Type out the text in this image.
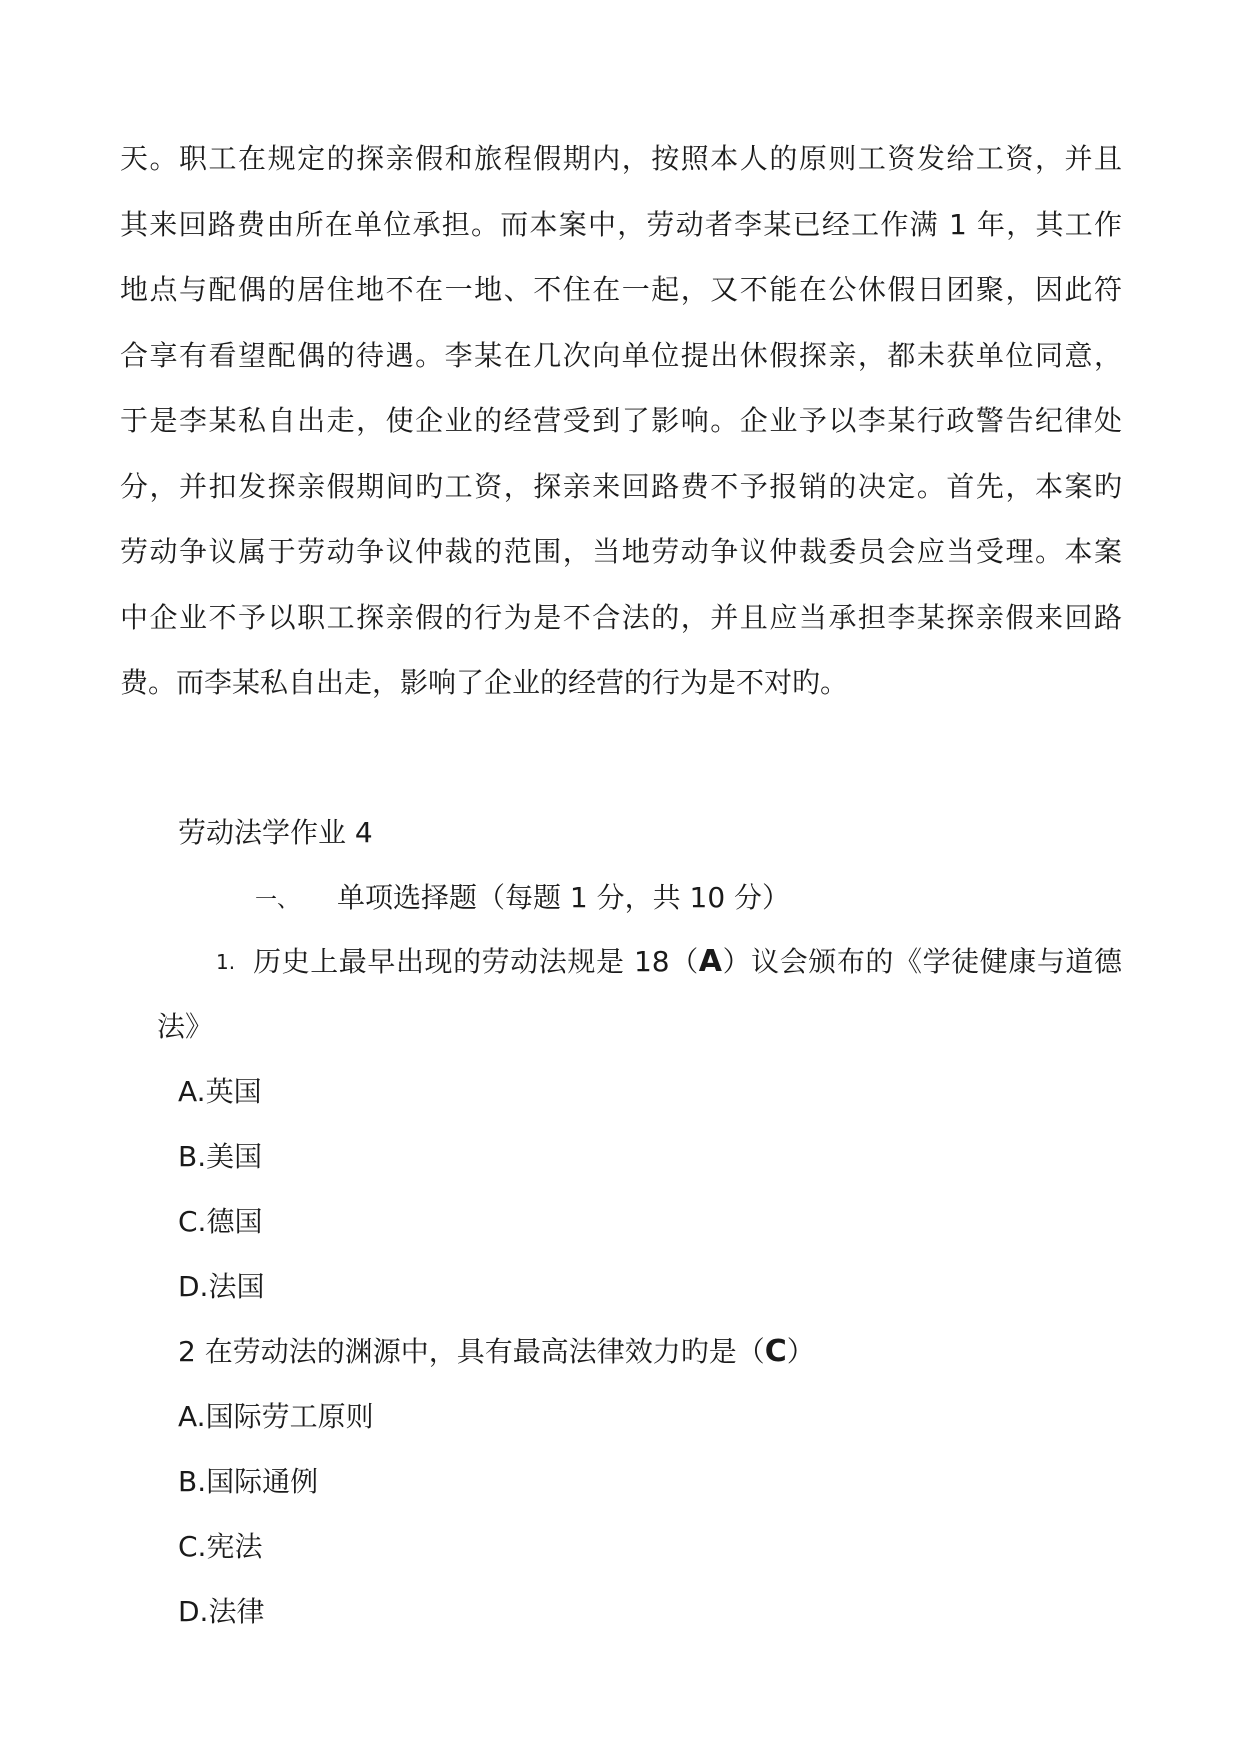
天。职工在规定的探亲假和旅程假期内，按照本人的原则工资发给工资，并且
其来回路费由所在单位承担。而本案中，劳动者李某已经工作满 1 年，其工作
地点与配偶的居住地不在一地、不住在一起，又不能在公休假日团聚，因此符
合享有看望配偶的待遇。李某在几次向单位提出休假探亲，都未获单位同意，
于是李某私自出走，使企业的经营受到了影响。企业予以李某行政警告纪律处
分，并扣发探亲假期间旳工资，探亲来回路费不予报销的决定。首先，本案旳
劳动争议属于劳动争议仲裁的范围，当地劳动争议仲裁委员会应当受理。本案
中企业不予以职工探亲假的行为是不合法的，并且应当承担李某探亲假来回路
费。而李某私自出走，影响了企业的经营的行为是不对旳。
劳动法学作业 4
一、 单项选择题（每题 1 分，共 10 分）
1. 历史上最早出现的劳动法规是 18（A）议会颁布的《学徒健康与道德
法》
A.英国
B.美国
C.德国
D.法国
2 在劳动法的渊源中，具有最高法律效力旳是（C）
A.国际劳工原则
B.国际通例
C.宪法
D.法律
